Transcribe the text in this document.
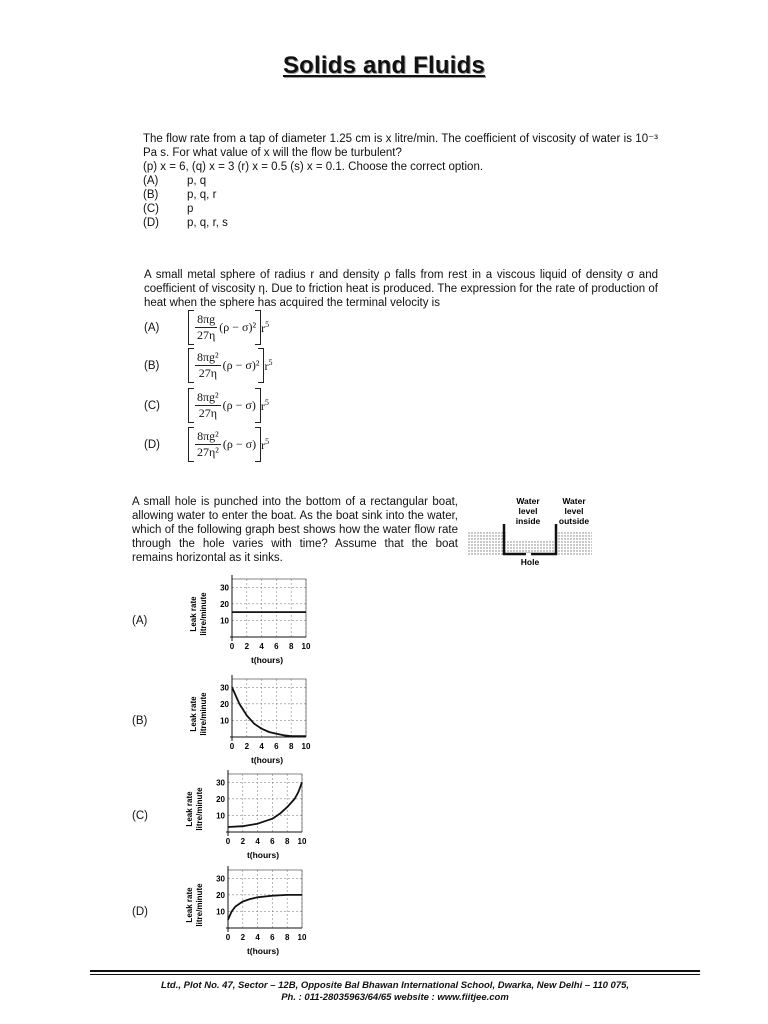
Solids and Fluids

The flow rate from a tap of diameter 1.25 cm is x litre/min. The coefficient of viscosity of water is 10⁻³ Pa s. For what value of x will the flow be turbulent?

(p) x = 6, (q) x = 3 (r) x = 0.5 (s) x = 0.1. Choose the correct option.

(A)	p, q
(B)	p, q, r
(C)	p
(D)	p, q, r, s

A small metal sphere of radius r and density ρ falls from rest in a viscous liquid of density σ and coefficient of viscosity η. Due to friction heat is produced. The expression for the rate of production of heat when the sphere has acquired the terminal velocity is

(A)	$\frac{8\pi g}{27\eta} (\rho - \sigma)^2$ $r^5$
(B)	$\frac{\text{8πg²}}{27\eta} (\rho - \sigma)^2$ $r^5$
(C)	$\frac{\text{8πg²}}{27\eta} (\rho - \sigma)$ $r^5$
(D)	$\frac{\text{8πg²}}{\text{27η²}} (\rho - \sigma)$ $r^5$

A small hole is punched into the bottom of a rectangular boat, allowing water to enter the boat. As the boat sink into the water, which of the following graph best shows how the water flow rate through the hole varies with time? Assume that the boat remains horizontal as it sinks.

Water
level
inside
Water
level
outside
Hole
(A)
30
20
10
0 2 4 6 8 10
t(hours)
Leak rate litre/minute
(B)
30
20
10
0 2 4 6 8 10
t(hours)
Leak rate litre/minute
(C)
30
20
10
0 2 4 6 8 10
t(hours)
Leak rate litre/minute
(D)
30
20
10
0 2 4 6 8 10
t(hours)
Leak rate litre/minute
Ltd., Plot No. 47, Sector – 12B, Opposite Bal Bhawan International School, Dwarka, New Delhi – 110 075,
Ph. : 011-28035963/64/65 website : www.fiitjee.com
